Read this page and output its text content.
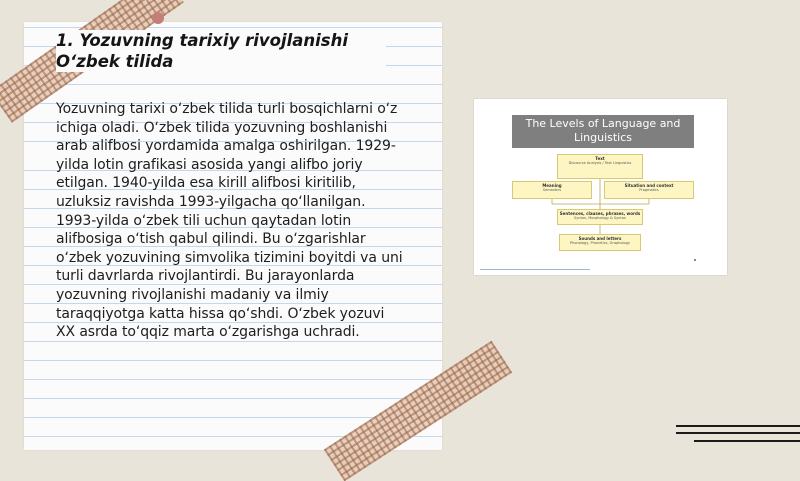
1. Yozuvning tarixiy rivojlanishi O‘zbek tilida

Yozuvning tarixi o‘zbek tilida turli bosqichlarni o‘z ichiga oladi. O‘zbek tilida yozuvning boshlanishi arab alifbosi yordamida amalga oshirilgan. 1929-yilda lotin grafikasi asosida yangi alifbo joriy etilgan. 1940-yilda esa kirill alifbosi kiritilib, uzluksiz ravishda 1993-yilgacha qo‘llanilgan. 1993-yilda o‘zbek tili uchun qaytadan lotin alifbosiga o‘tish qabul qilindi. Bu o‘zgarishlar o‘zbek yozuvining simvolika tizimini boyitdi va uni turli davrlarda rivojlantirdi. Bu jarayonlarda yozuvning rivojlanishi madaniy va ilmiy taraqqiyotga katta hissa qo‘shdi. O‘zbek yozuvi XX asrda to‘qqiz marta o‘zgarishga uchradi.

The Levels of Language and Linguistics
Text
Discourse Analysis / Text Linguistics
Meaning
Semantics
Situation and context
Pragmatics
Sentences, clauses, phrases, words
Syntax, Morphology & Syntax
Sounds and letters
Phonology, Phonetics, Graphology
